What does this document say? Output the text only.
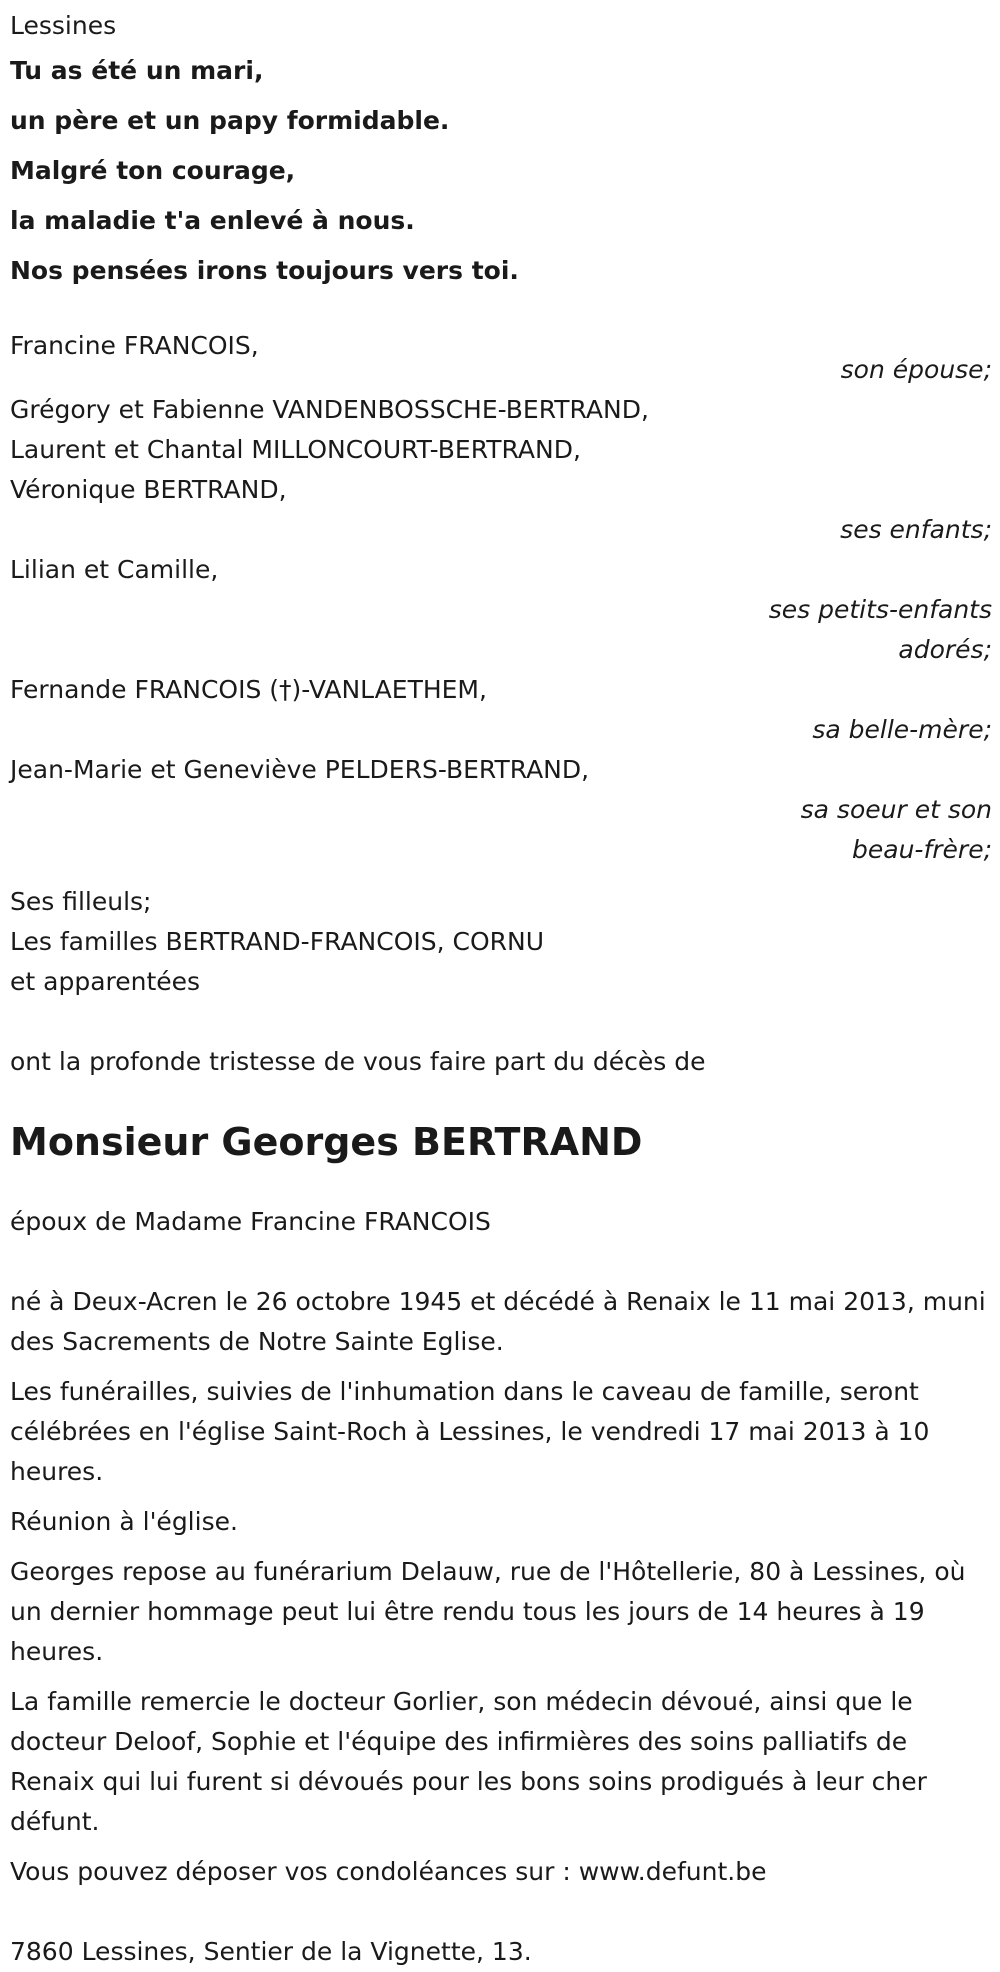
Lessines
Tu as été un mari,
un père et un papy formidable.
Malgré ton courage,
la maladie t'a enlevé à nous.
Nos pensées irons toujours vers toi.
Francine FRANCOIS,
son épouse;
Grégory et Fabienne VANDENBOSSCHE-BERTRAND,
Laurent et Chantal MILLONCOURT-BERTRAND,
Véronique BERTRAND,
ses enfants;
Lilian et Camille,
ses petits-enfants
adorés;
Fernande FRANCOIS (†)-VANLAETHEM,
sa belle-mère;
Jean-Marie et Geneviève PELDERS-BERTRAND,
sa soeur et son
beau-frère;
Ses filleuls;
Les familles BERTRAND-FRANCOIS, CORNU
et apparentées
ont la profonde tristesse de vous faire part du décès de
Monsieur Georges BERTRAND
époux de Madame Francine FRANCOIS
né à Deux-Acren le 26 octobre 1945 et décédé à Renaix le 11 mai 2013, muni des Sacrements de Notre Sainte Eglise.
Les funérailles, suivies de l'inhumation dans le caveau de famille, seront célébrées en l'église Saint-Roch à Lessines, le vendredi 17 mai 2013 à 10 heures.
Réunion à l'église.
Georges repose au funérarium Delauw, rue de l'Hôtellerie, 80 à Lessines, où un dernier hommage peut lui être rendu tous les jours de 14 heures à 19 heures.
La famille remercie le docteur Gorlier, son médecin dévoué, ainsi que le docteur Deloof, Sophie et l'équipe des infirmières des soins palliatifs de Renaix qui lui furent si dévoués pour les bons soins prodigués à leur cher défunt.
Vous pouvez déposer vos condoléances sur : www.defunt.be
7860 Lessines, Sentier de la Vignette, 13.
